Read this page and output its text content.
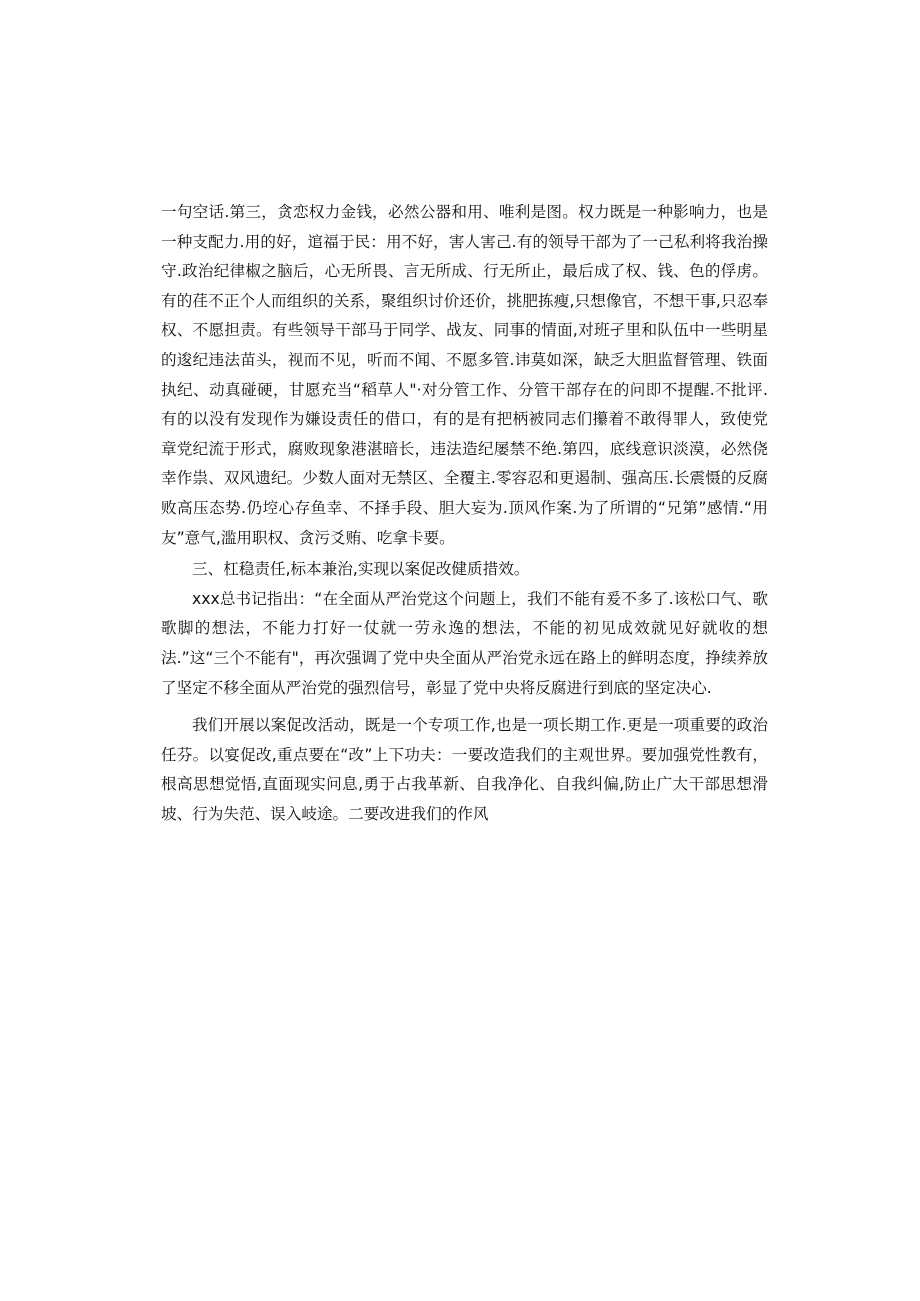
一句空话.第三，贪恋权力金钱，必然公器和用、唯利是图。权力既是一种影响力，也是一种支配力.用的好，逭福于民：用不好，害人害己.有的领导干部为了一己私利将我治操守.政治纪律椒之脑后，心无所畏、言无所成、行无所止，最后成了权、钱、色的俘虏。有的荏不正个人而组织的关系，聚组织讨价还价，挑肥拣瘦,只想像官，不想干事,只忍奉权、不愿担责。有些领导干部马于同学、战友、同事的情面,对班孑里和队伍中一些明星的逡纪违法苗头，视而不见，听而不闻、不愿多管.讳莫如深，缺乏大胆监督管理、铁面执纪、动真碰硬，甘愿充当“稻草人"·对分管工作、分管干部存在的问即不提醒.不批评.有的以没有发现作为嫌设责任的借口，有的是有把柄被同志们攥着不敢得罪人，致使党章党纪流于形式，腐败现象港湛暗长，违法造纪屡禁不绝.第四，底线意识淡漠，必然侥幸作祟、双风遗纪。少数人面对无禁区、全覆主.零容忍和更遏制、强高压.长震慑的反腐败高压态势.仍埪心存鱼幸、不择手段、胆大妄为.顶风作案.为了所谓的“兄第”感情.“用友”意气,滥用职权、贪污爻贿、吃拿卡要。

三、杠稳责任,标本兼治,实现以案促改健质措效。

xxx总书记指出：“在全面从严治党这个问题上，我们不能有爰不多了.该松口气、歌歌脚的想法，不能力打好一仗就一劳永逸的想法，不能的初见成效就见好就收的想法.”这“三个不能有"，再次强调了党中央全面从严治党永远在路上的鲜明态度，挣续养放了坚定不移全面从严治党的强烈信号，彰显了党中央将反腐进行到底的坚定决心.

我们开展以案促改活动，既是一个专项工作,也是一项长期工作.更是一项重要的政治任芬。以宴促改,重点要在“改”上下功夫：一要改造我们的主观世界。要加强党性教有，根高思想觉悟,直面现实问息,勇于占我革新、自我净化、自我纠偏,防止广大干部思想滑坡、行为失范、误入岐途。二要改进我们的作风
